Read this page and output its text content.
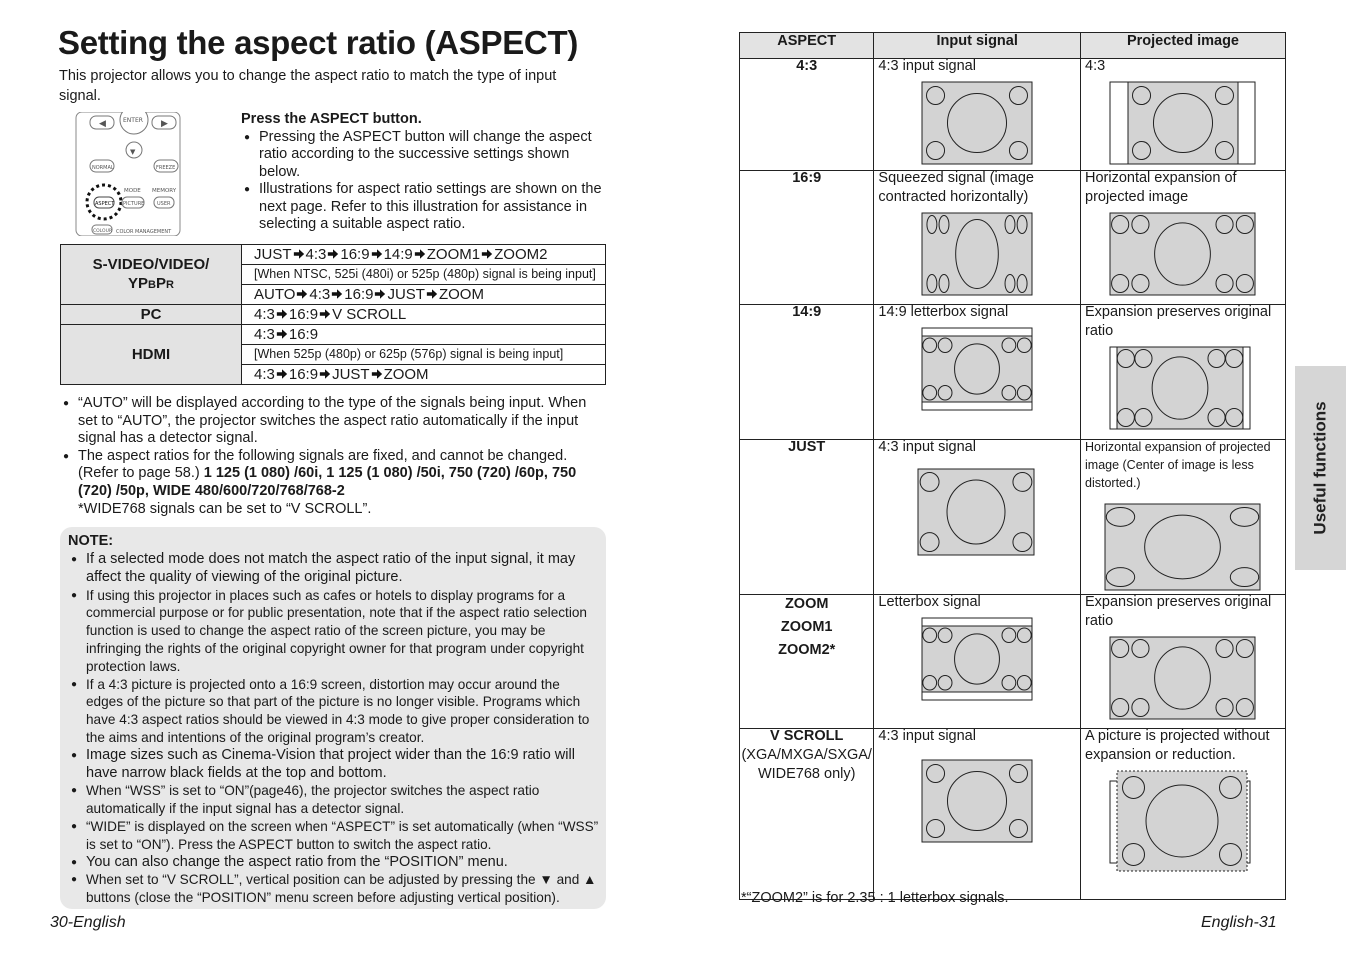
Setting the aspect ratio (ASPECT)
This projector allows you to change the aspect ratio to match the type of input signal.
◀	▶
ENTER
▼
NORMAL	FREEZE
MODE MEMORY
ASPECT PICTURE	USER
COLOUR COLOR MANAGEMENT
Press the ASPECT button.
● Pressing the ASPECT button will change the aspect ratio according to the successive settings shown below.
● Illustrations for aspect ratio settings are shown on the next page. Refer to this illustration for assistance in selecting a suitable aspect ratio.
S-VIDEO/VIDEO/
YPBPR	JUST 4:3 16:9 14:9 ZOOM1 ZOOM2
	[When NTSC, 525i (480i) or 525p (480p) signal is being input]
	AUTO 4:3 16:9 JUST ZOOM
PC	4:3 16:9 V SCROLL
HDMI	4:3 16:9
	[When 525p (480p) or 625p (576p) signal is being input]
	4:3 16:9 JUST ZOOM
● “AUTO” will be displayed according to the type of the signals being input. When set to “AUTO”, the projector switches the aspect ratio automatically if the input signal has a detector signal.
● The aspect ratios for the following signals are fixed, and cannot be changed. (Refer to page 58.) 1 125 (1 080) /60i, 1 125 (1 080) /50i, 750 (720) /60p, 750 (720) /50p, WIDE 480/600/720/768/768-2
*WIDE768 signals can be set to “V SCROLL”.
NOTE:
● If a selected mode does not match the aspect ratio of the input signal, it may affect the quality of viewing of the original picture.
● If using this projector in places such as cafes or hotels to display programs for a commercial purpose or for public presentation, note that if the aspect ratio selection function is used to change the aspect ratio of the screen picture, you may be infringing the rights of the original copyright owner for that program under copyright protection laws.
● If a 4:3 picture is projected onto a 16:9 screen, distortion may occur around the edges of the picture so that part of the picture is no longer visible. Programs which have 4:3 aspect ratios should be viewed in 4:3 mode to give proper consideration to the aims and intentions of the original program’s creator.
● Image sizes such as Cinema-Vision that project wider than the 16:9 ratio will have narrow black fields at the top and bottom.
● When “WSS” is set to “ON”(page46), the projector switches the aspect ratio automatically if the input signal has a detector signal.
● “WIDE” is displayed on the screen when “ASPECT” is set automatically (when “WSS” is set to “ON”). Press the ASPECT button to switch the aspect ratio.
● You can also change the aspect ratio from the “POSITION” menu.
● When set to “V SCROLL”, vertical position can be adjusted by pressing the ▼ and ▲ buttons (close the “POSITION” menu screen before adjusting vertical position).
30-English
ASPECT	Input signal	Projected image

4:3	4:3 input signal	4:3

16:9	Squeezed signal (image contracted horizontally)	Horizontal expansion of projected image

14:9	14:9 letterbox signal	Expansion preserves original ratio

JUST	4:3 input signal	Horizontal expansion of projected image (Center of image is less distorted.)

ZOOM
ZOOM1
ZOOM2*	Letterbox signal	Expansion preserves original ratio

V SCROLL

(XGA/MXGA/SXGA/ WIDE768 only)	4:3 input signal	A picture is projected without expansion or reduction.
*“ZOOM2” is for 2.35 : 1 letterbox signals.
Useful functions
English-31
